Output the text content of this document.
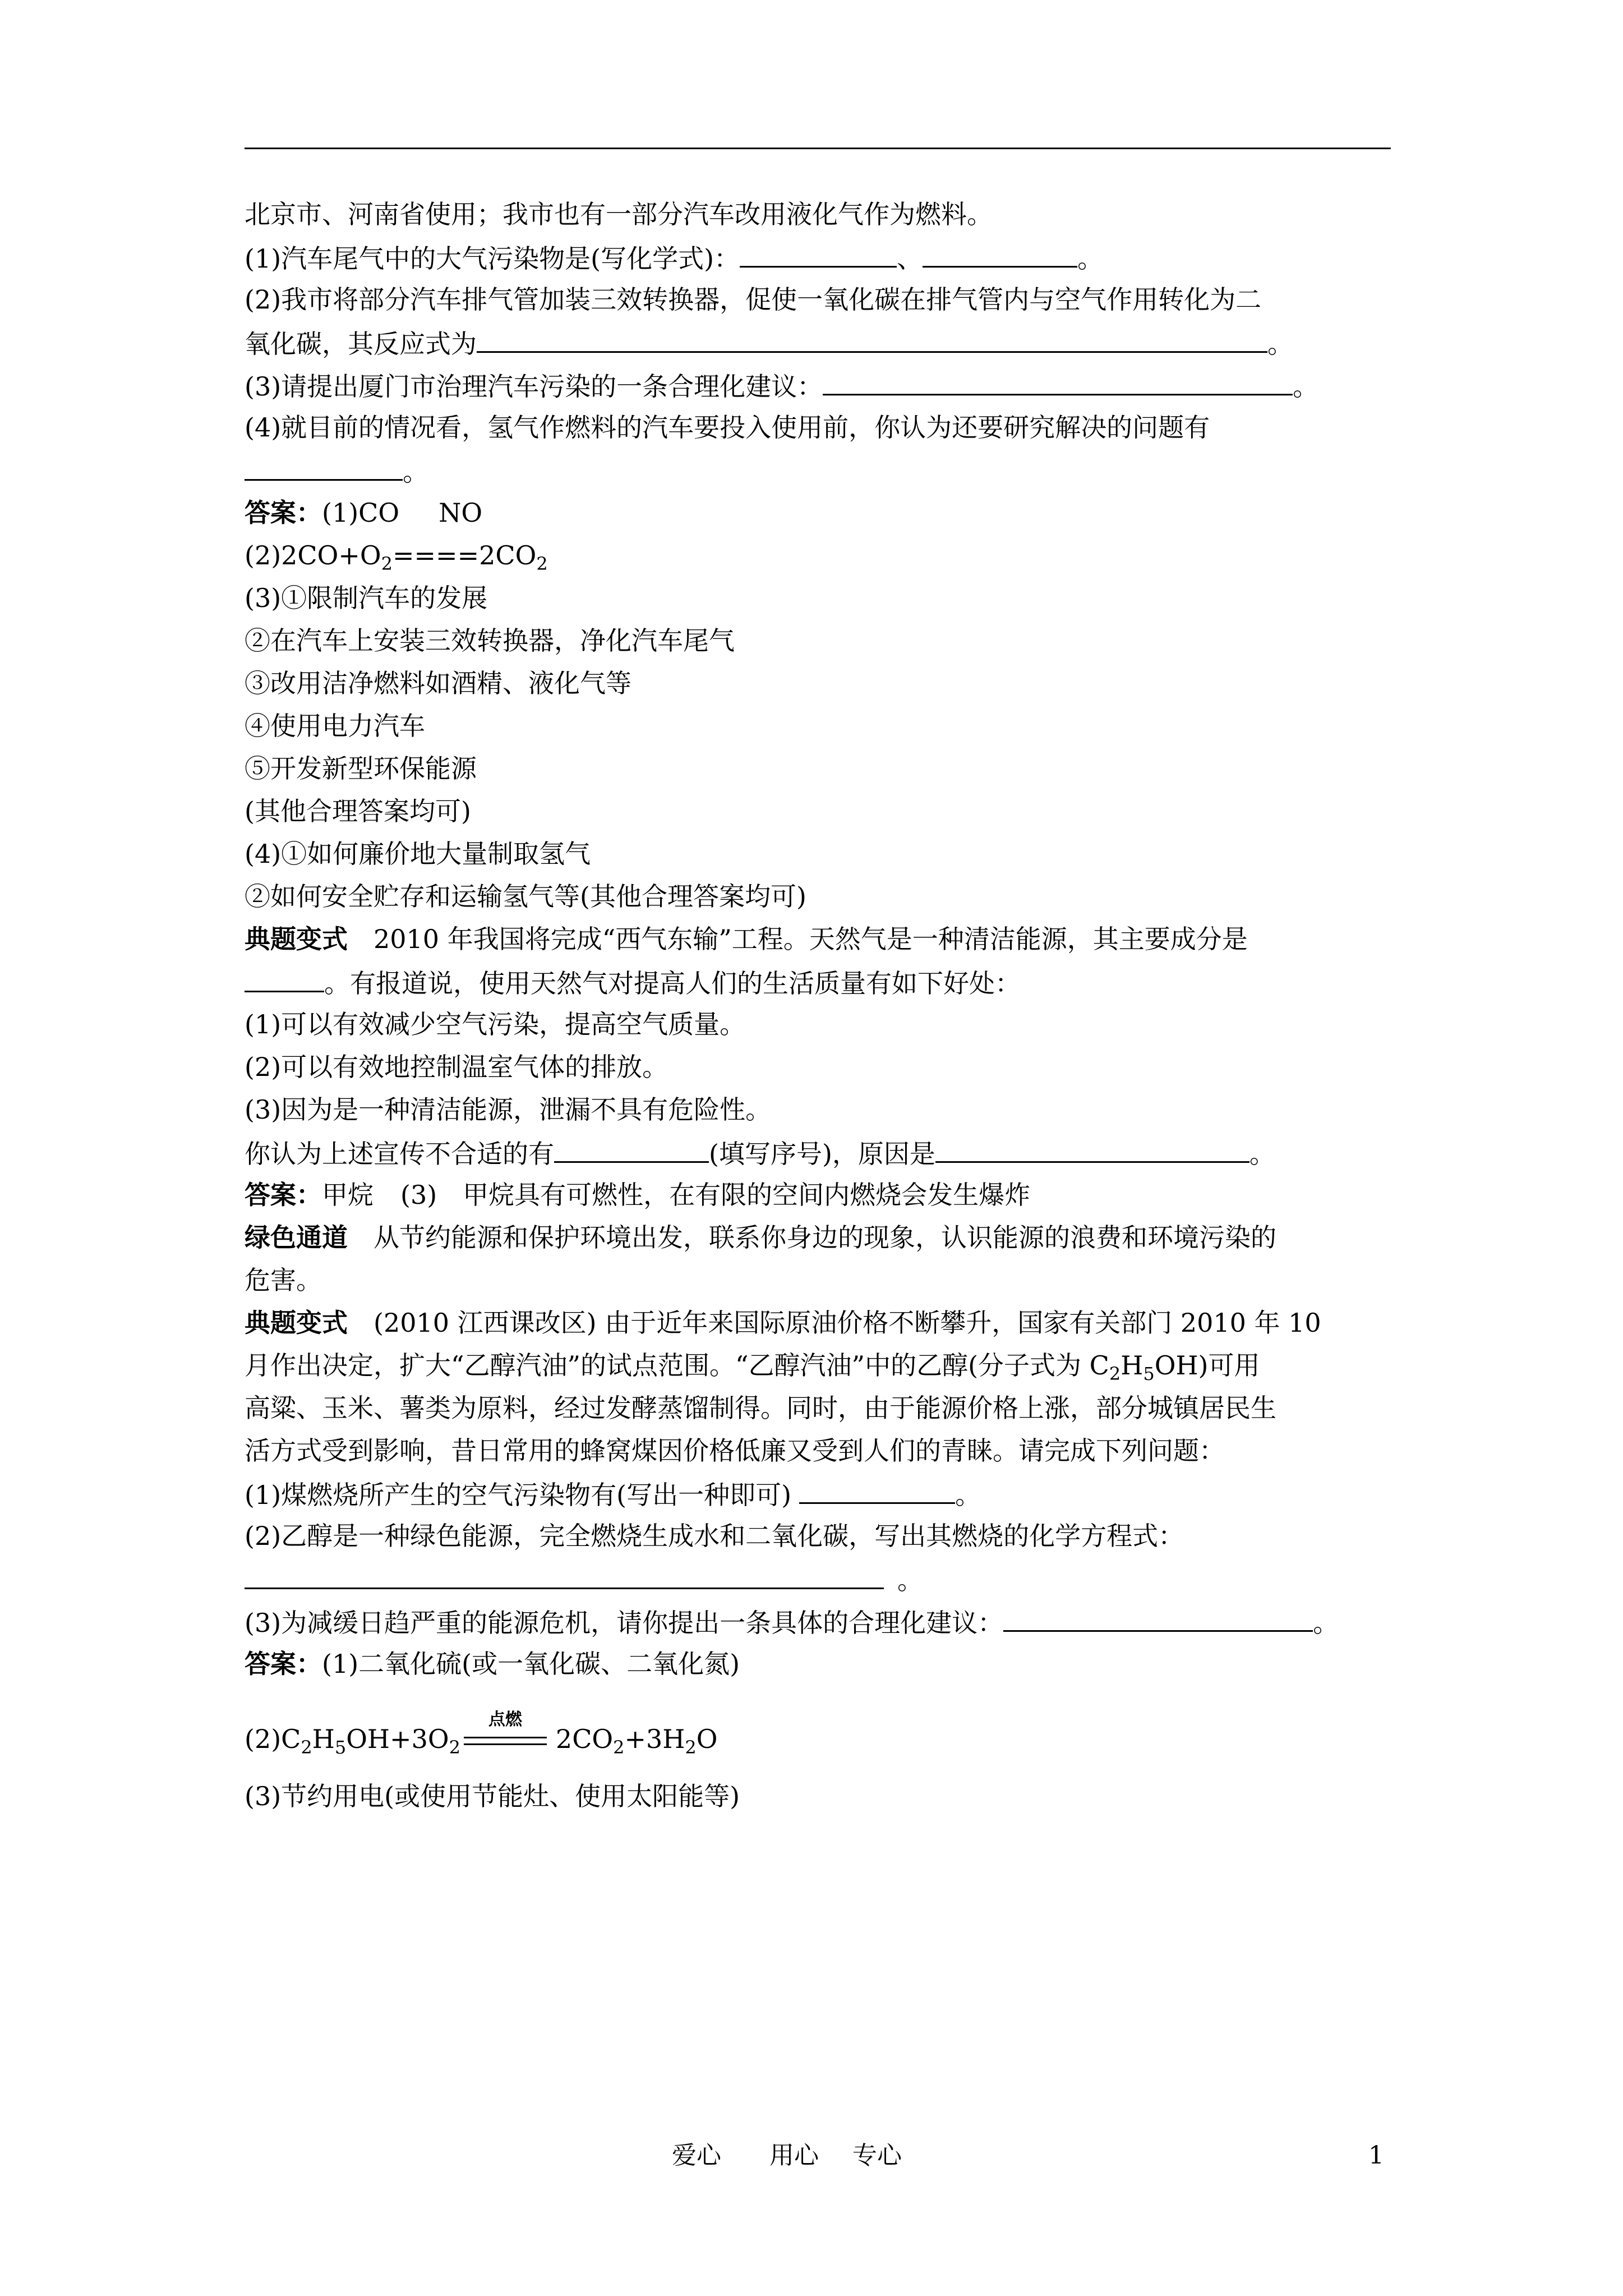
北京市、河南省使用；我市也有一部分汽车改用液化气作为燃料。
(1)汽车尾气中的大气污染物是(写化学式)：	、	。
(2)我市将部分汽车排气管加装三效转换器，促使一氧化碳在排气管内与空气作用转化为二
氧化碳，其反应式为	。
(3)请提出厦门市治理汽车污染的一条合理化建议：	。
(4)就目前的情况看，氢气作燃料的汽车要投入使用前，你认为还要研究解决的问题有
。
答案：(1)CO NO
$(2)2CO+O_2====2CO_2$
(3)①限制汽车的发展
②在汽车上安装三效转换器，净化汽车尾气
③改用洁净燃料如酒精、液化气等
④使用电力汽车
⑤开发新型环保能源
(其他合理答案均可)
(4)①如何廉价地大量制取氢气
②如何安全贮存和运输氢气等(其他合理答案均可)
典题变式 2010 年我国将完成“西气东输”工程。天然气是一种清洁能源，其主要成分是
。有报道说，使用天然气对提高人们的生活质量有如下好处：
(1)可以有效减少空气污染，提高空气质量。
(2)可以有效地控制温室气体的排放。
(3)因为是一种清洁能源，泄漏不具有危险性。
你认为上述宣传不合适的有	(填写序号)，原因是	。
答案：甲烷 (3) 甲烷具有可燃性，在有限的空间内燃烧会发生爆炸
绿色通道 从节约能源和保护环境出发，联系你身边的现象，认识能源的浪费和环境污染的
危害。
典题变式 (2010 江西课改区) 由于近年来国际原油价格不断攀升，国家有关部门 2010 年 10
月作出决定，扩大“乙醇汽油”的试点范围。“乙醇汽油”中的乙醇(分子式为 $C_2H_5OH$)可用
高粱、玉米、薯类为原料，经过发酵蒸馏制得。同时，由于能源价格上涨，部分城镇居民生
活方式受到影响，昔日常用的蜂窝煤因价格低廉又受到人们的青睐。请完成下列问题：
(1)煤燃烧所产生的空气污染物有(写出一种即可)	。
(2)乙醇是一种绿色能源，完全燃烧生成水和二氧化碳，写出其燃烧的化学方程式：
。
(3)为减缓日趋严重的能源危机，请你提出一条具体的合理化建议：	。
答案：(1)二氧化硫(或一氧化碳、二氧化氮)
$(2)C_2H_5OH+3O_2$
点燃
$2CO_2+3H_2O$
(3)节约用电(或使用节能灶、使用太阳能等)
爱心 用心 专心	1
